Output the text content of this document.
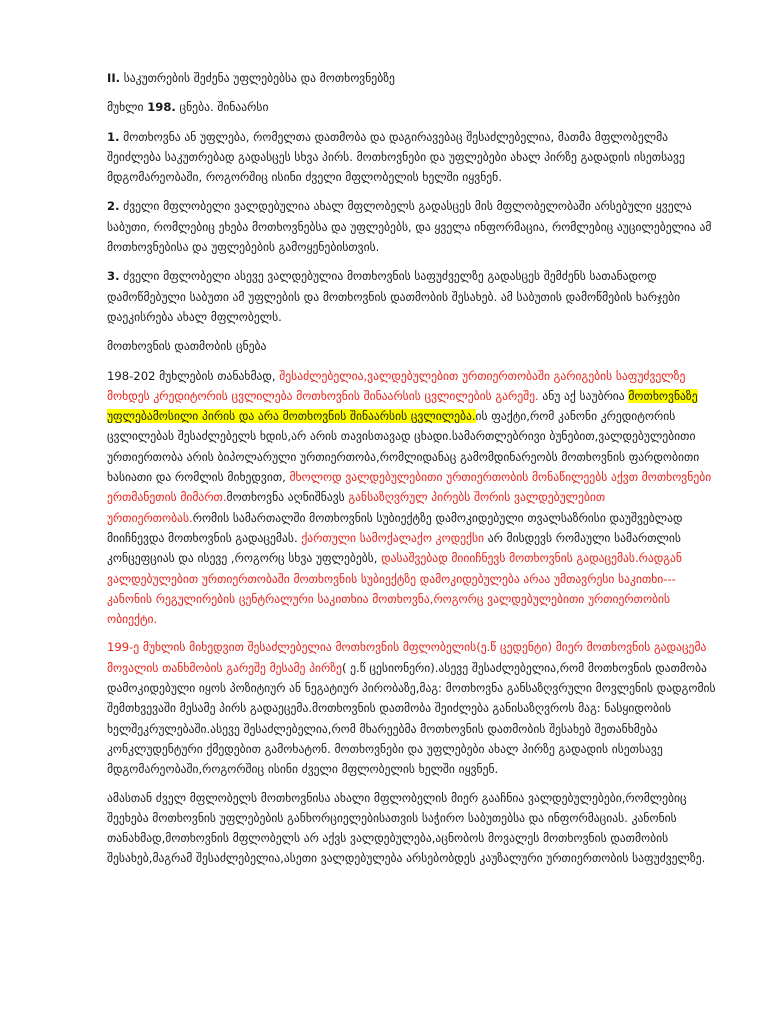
II. საკუთრების შეძენა უფლებებსა და მოთხოვნებზე

მუხლი 198. ცნება. შინაარსი

1. მოთხოვნა ან უფლება, რომელთა დათმობა და დაგირავებაც შესაძლებელია, მათმა მფლობელმა შეიძლება საკუთრებად გადასცეს სხვა პირს. მოთხოვნები და უფლებები ახალ პირზე გადადის ისეთსავე მდგომარეობაში, როგორშიც ისინი ძველი მფლობელის ხელში იყვნენ.

2. ძველი მფლობელი ვალდებულია ახალ მფლობელს გადასცეს მის მფლობელობაში არსებული ყველა საბუთი, რომლებიც ეხება მოთხოვნებსა და უფლებებს, და ყველა ინფორმაცია, რომლებიც აუცილებელია ამ მოთხოვნებისა და უფლებების გამოყენებისთვის.

3. ძველი მფლობელი ასევე ვალდებულია მოთხოვნის საფუძველზე გადასცეს შემძენს სათანადოდ დამოწმებული საბუთი ამ უფლების და მოთხოვნის დათმობის შესახებ. ამ საბუთის დამოწმების ხარჯები დაეკისრება ახალ მფლობელს.

მოთხოვნის დათმობის ცნება

198-202 მუხლების თანახმად, შესაძლებელია,ვალდებულებით ურთიერთობაში გარიგების საფუძველზე მოხდეს კრედიტორის ცვლილება მოთხოვნის შინაარსის ცვლილების გარეშე. ანუ აქ საუბრია მოთხოვნაზე უფლებამოსილი პირის და არა მოთხოვნის შინაარსის ცვლილება.ის ფაქტი,რომ კანონი კრედიტორის ცვლილებას შესაძლებელს ხდის,არ არის თავისთავად ცხადი.სამართლებრივი ბუნებით,ვალდებულებითი ურთიერთობა არის ბიპოლარული ურთიერთობა,რომლიდანაც გამომდინარეობს მოთხოვნის ფარდობითი ხასიათი და რომლის მიხედვით, მხოლოდ ვალდებულებითი ურთიერთობის მონაწილეებს აქვთ მოთხოვნები ერთმანეთის მიმართ.მოთხოვნა აღნიშნავს განსაზღვრულ პირებს შორის ვალდებულებით ურთიერთობას.რომის სამართალში მოთხოვნის სუბიექტზე დამოკიდებული თვალსაზრისი დაუშვებლად მიიჩნევდა მოთხოვნის გადაცემას. ქართული სამოქალაქო კოდექსი არ მისდევს რომაული სამართლის კონცეფციას და ისევე ,როგორც სხვა უფლებებს, დასაშვებად მიიიჩნევს მოთხოვნის გადაცემას.რადგან ვალდებულებით ურთიერთობაში მოთხოვნის სუბიექტზე დამოკიდებულება არაა უმთავრესი საკითხი--- კანონის რეგულირების ცენტრალური საკითხია მოთხოვნა,როგორც ვალდებულებითი ურთიერთობის ობიექტი.

199-ე მუხლის მიხედვით შესაძლებელია მოთხოვნის მფლობელის(ე.წ ცედენტი) მიერ მოთხოვნის გადაცემა მოვალის თანხმობის გარეშე მესამე პირზე( ე.წ ცესიონერი).ასევე შესაძლებელია,რომ მოთხოვნის დათმობა დამოკიდებული იყოს პოზიტიურ ან ნეგატიურ პირობაზე,მაგ: მოთხოვნა განსაზღვრული მოვლენის დადგომის შემთხვევაში მესამე პირს გადაეცემა.მოთხოვნის დათმობა შეიძლება განისაზღვროს მაგ: ნასყიდობის ხელშეკრულებაში.ასევე შესაძლებელია,რომ მხარეებმა მოთხოვნის დათმობის შესახებ შეთანხმება კონკლუდენტური ქმედებით გამოხატონ. მოთხოვნები და უფლებები ახალ პირზე გადადის ისეთსავე მდგომარეობაში,როგორშიც ისინი ძველი მფლობელის ხელში იყვნენ.

ამასთან ძველ მფლობელს მოთხოვნისა ახალი მფლობელის მიერ გააჩნია ვალდებულებები,რომლებიც შეეხება მოთხოვნის უფლებების განხორციელებისათვის საჭირო საბუთებსა და ინფორმაციას. კანონის თანახმად,მოთხოვნის მფლობელს არ აქვს ვალდებულება,აცნობოს მოვალეს მოთხოვნის დათმობის შესახებ,მაგრამ შესაძლებელია,ასეთი ვალდებულება არსებობდეს კაუზალური ურთიერთობის საფუძველზე.
